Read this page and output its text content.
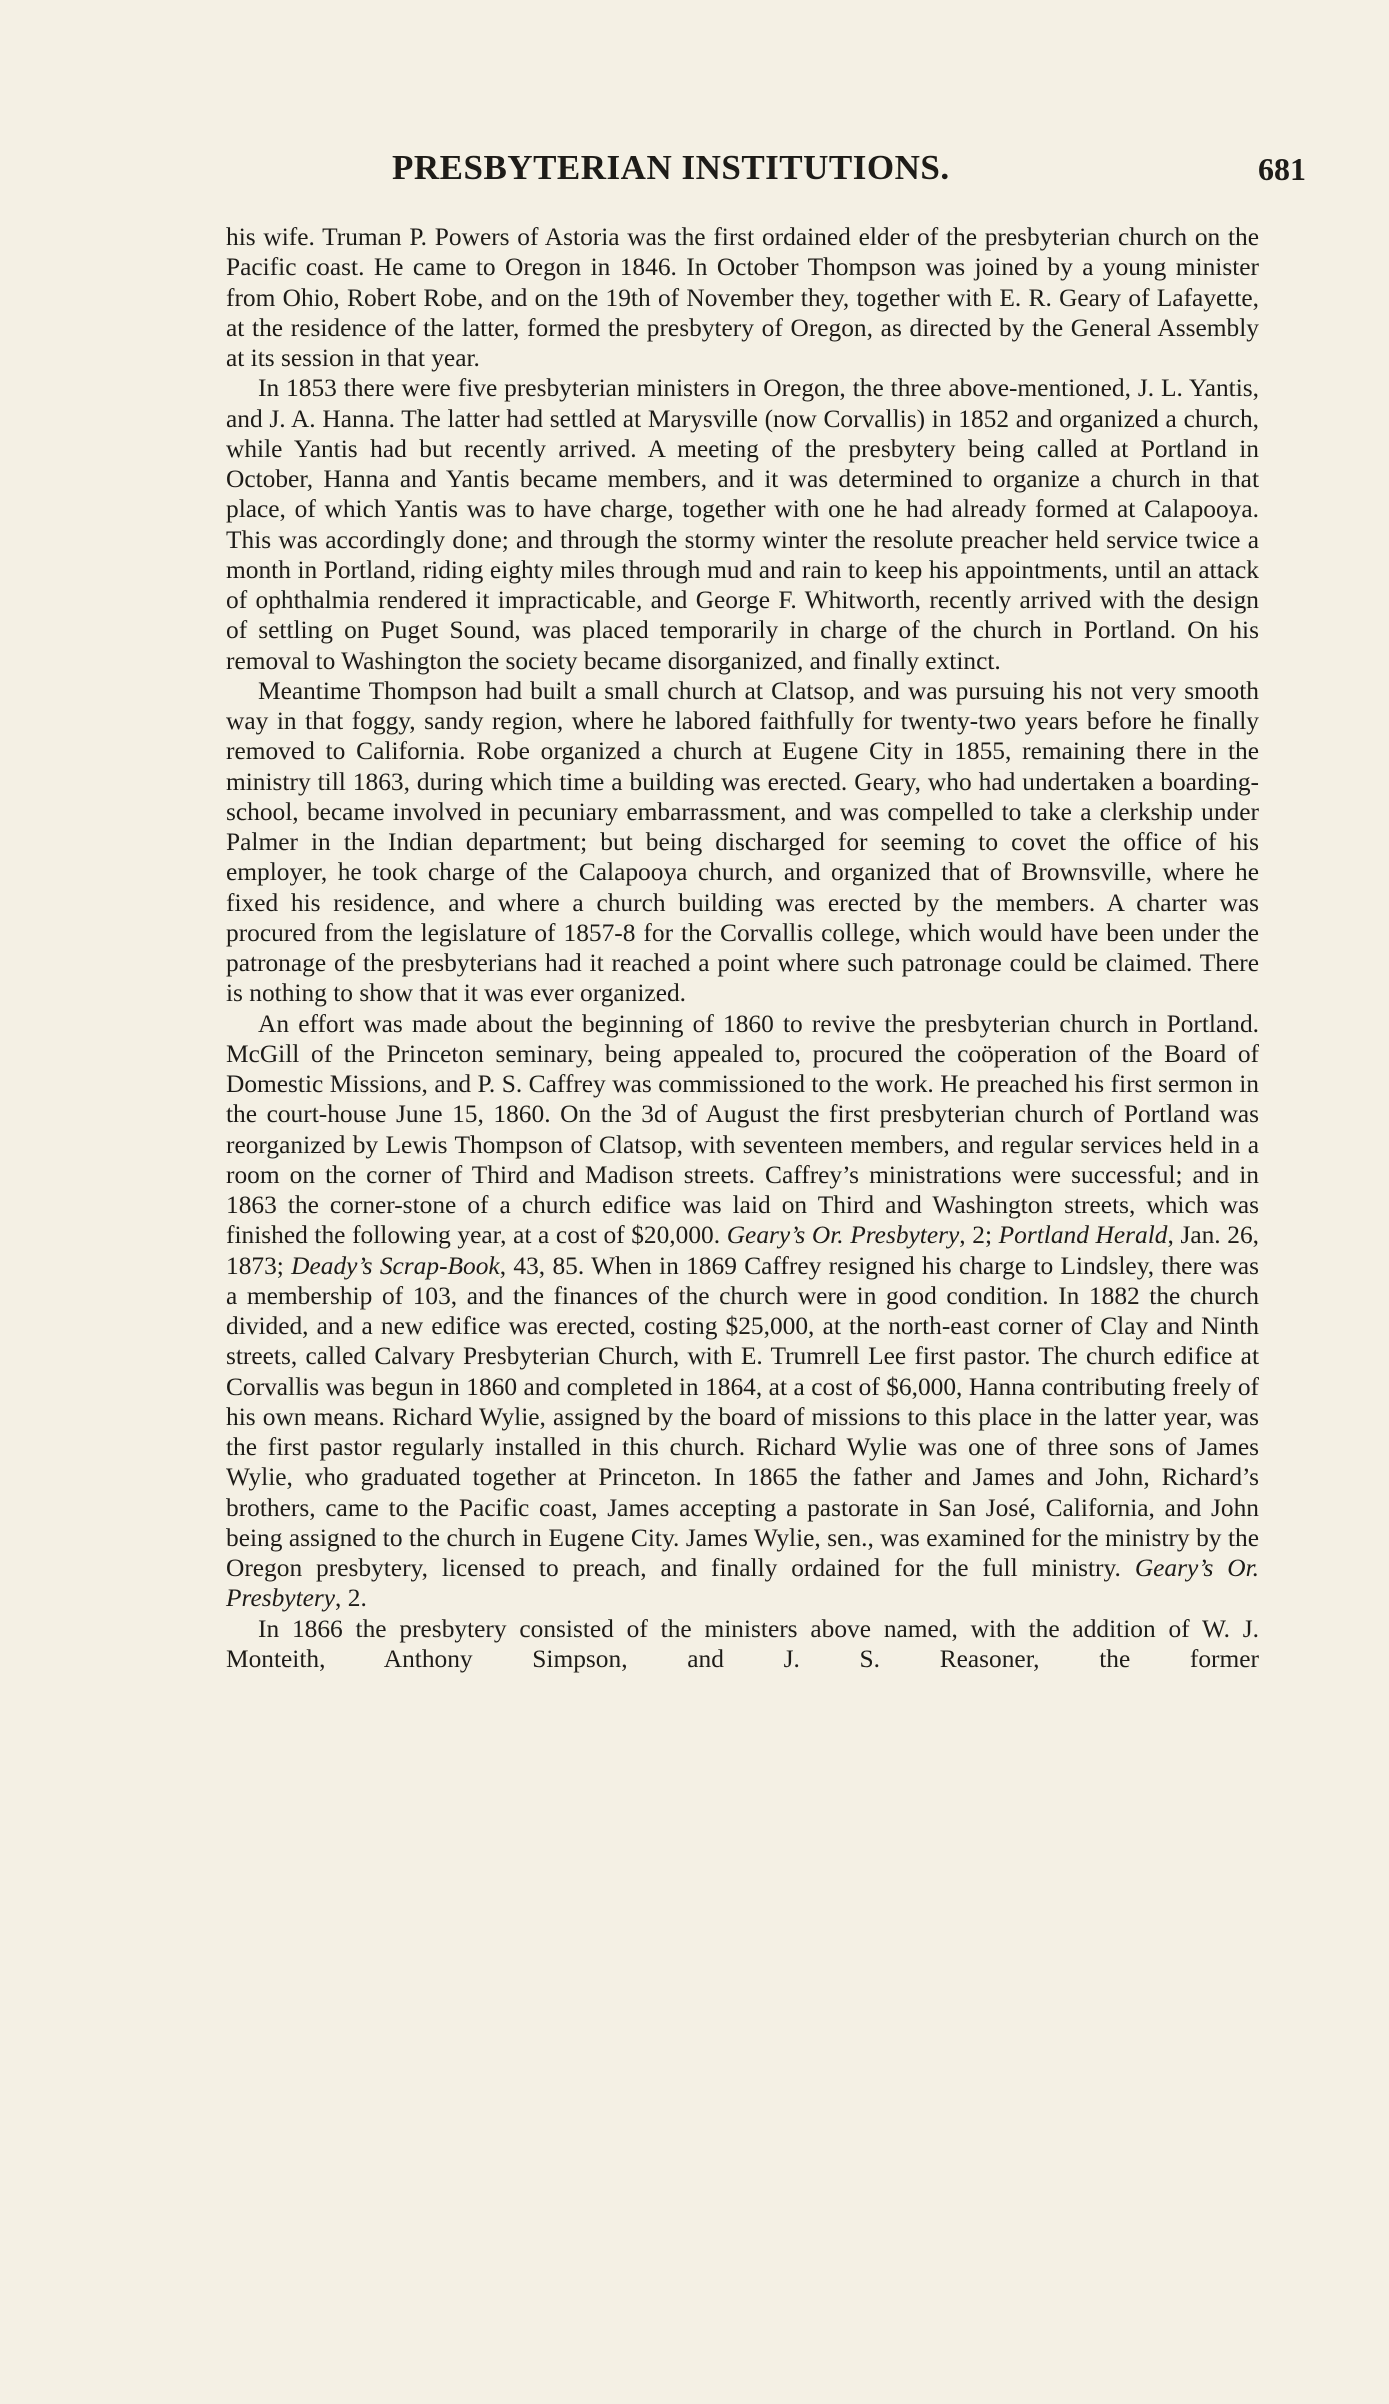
PRESBYTERIAN INSTITUTIONS.	681

his wife. Truman P. Powers of Astoria was the first ordained elder of the presbyterian church on the Pacific coast. He came to Oregon in 1846. In October Thompson was joined by a young minister from Ohio, Robert Robe, and on the 19th of November they, together with E. R. Geary of Lafayette, at the residence of the latter, formed the presbytery of Oregon, as directed by the General Assembly at its session in that year.

In 1853 there were five presbyterian ministers in Oregon, the three above-mentioned, J. L. Yantis, and J. A. Hanna. The latter had settled at Marysville (now Corvallis) in 1852 and organized a church, while Yantis had but recently arrived. A meeting of the presbytery being called at Portland in October, Hanna and Yantis became members, and it was determined to organize a church in that place, of which Yantis was to have charge, together with one he had already formed at Calapooya. This was accordingly done; and through the stormy winter the resolute preacher held service twice a month in Portland, riding eighty miles through mud and rain to keep his appointments, until an attack of ophthalmia rendered it impracticable, and George F. Whitworth, recently arrived with the design of settling on Puget Sound, was placed temporarily in charge of the church in Portland. On his removal to Washington the society became disorganized, and finally extinct.

Meantime Thompson had built a small church at Clatsop, and was pursuing his not very smooth way in that foggy, sandy region, where he labored faithfully for twenty-two years before he finally removed to California. Robe organized a church at Eugene City in 1855, remaining there in the ministry till 1863, during which time a building was erected. Geary, who had undertaken a boarding-school, became involved in pecuniary embarrassment, and was compelled to take a clerkship under Palmer in the Indian department; but being discharged for seeming to covet the office of his employer, he took charge of the Calapooya church, and organized that of Brownsville, where he fixed his residence, and where a church building was erected by the members. A charter was procured from the legislature of 1857-8 for the Corvallis college, which would have been under the patronage of the presbyterians had it reached a point where such patronage could be claimed. There is nothing to show that it was ever organized.

An effort was made about the beginning of 1860 to revive the presbyterian church in Portland. McGill of the Princeton seminary, being appealed to, procured the coöperation of the Board of Domestic Missions, and P. S. Caffrey was commissioned to the work. He preached his first sermon in the court-house June 15, 1860. On the 3d of August the first presbyterian church of Portland was reorganized by Lewis Thompson of Clatsop, with seventeen members, and regular services held in a room on the corner of Third and Madison streets. Caffrey’s ministrations were successful; and in 1863 the corner-stone of a church edifice was laid on Third and Washington streets, which was finished the following year, at a cost of $20,000. Geary’s Or. Presbytery, 2; Portland Herald, Jan. 26, 1873; Deady’s Scrap-Book, 43, 85. When in 1869 Caffrey resigned his charge to Lindsley, there was a membership of 103, and the finances of the church were in good condition. In 1882 the church divided, and a new edifice was erected, costing $25,000, at the north-east corner of Clay and Ninth streets, called Calvary Presbyterian Church, with E. Trumrell Lee first pastor. The church edifice at Corvallis was begun in 1860 and completed in 1864, at a cost of $6,000, Hanna contributing freely of his own means. Richard Wylie, assigned by the board of missions to this place in the latter year, was the first pastor regularly installed in this church. Richard Wylie was one of three sons of James Wylie, who graduated together at Princeton. In 1865 the father and James and John, Richard’s brothers, came to the Pacific coast, James accepting a pastorate in San José, California, and John being assigned to the church in Eugene City. James Wylie, sen., was examined for the ministry by the Oregon presbytery, licensed to preach, and finally ordained for the full ministry. Geary’s Or. Presbytery, 2.

In 1866 the presbytery consisted of the ministers above named, with the addition of W. J. Monteith, Anthony Simpson, and J. S. Reasoner, the former
